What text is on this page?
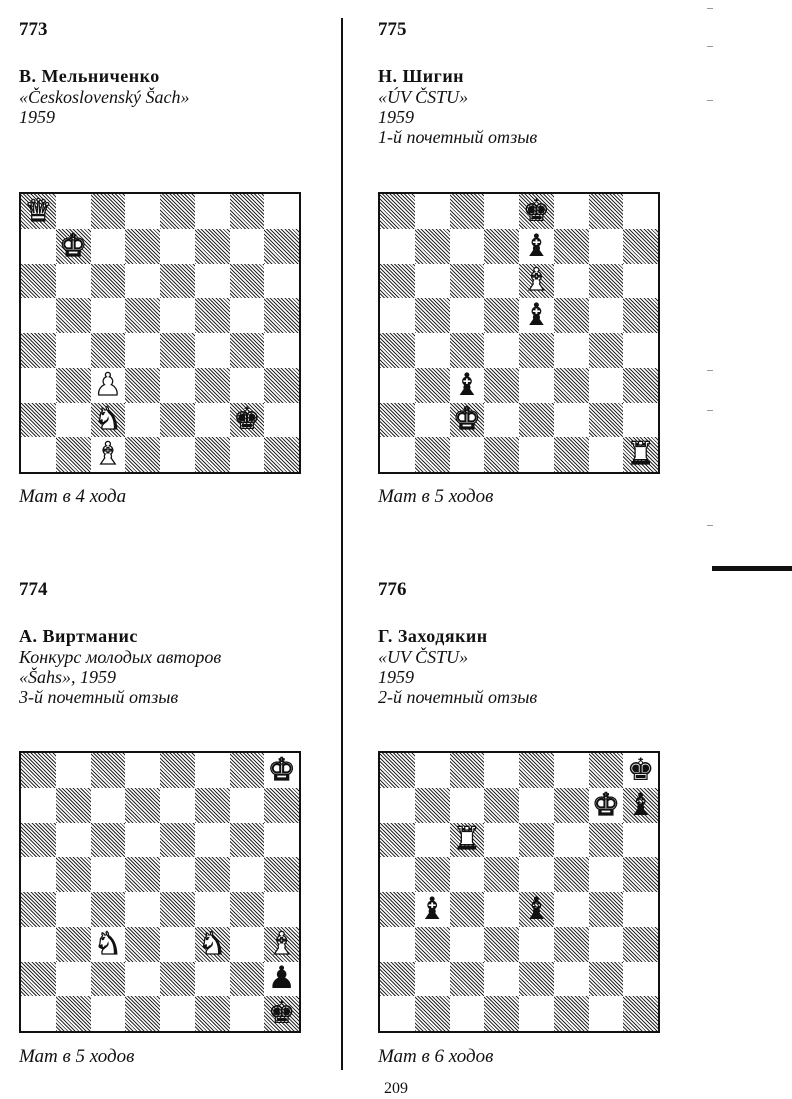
773
В. Мельниченко
«Československý Šach»
1959
♛
♚
♟
♞	♚
♝
Мат в 4 хода
775
Н. Шигин
«ÚV ČSTU»
1959
1-й почетный отзыв
♚
♝
♝
♝
♝
♚
♜
Мат в 5 ходов
774
А. Виртманис
Конкурс молодых авторов
«Šahs», 1959
3-й почетный отзыв
♚
♞ ♞ ♝
♟
♚
Мат в 5 ходов
776
Г. Заходякин
«UV ČSTU»
1959
2-й почетный отзыв
♚
♚ ♝
♜
♝ ♝
Мат в 6 ходов
209
